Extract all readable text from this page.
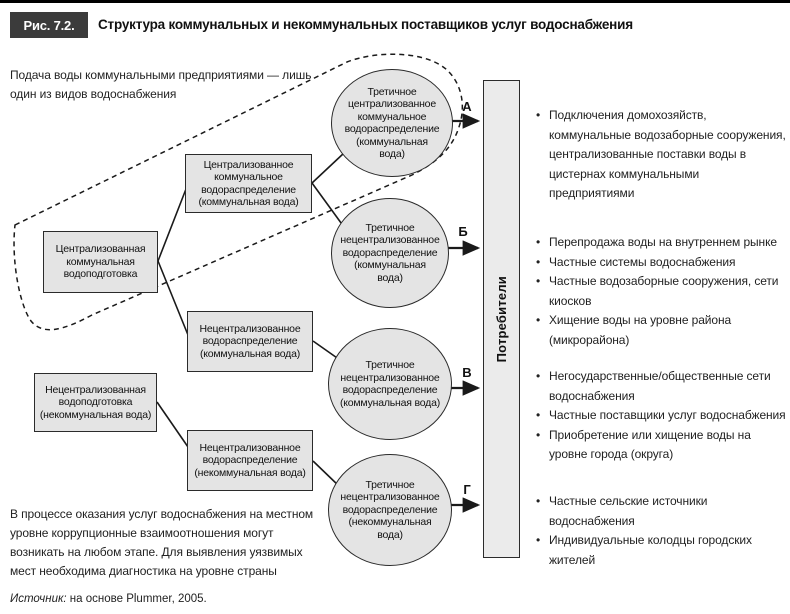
Рис. 7.2.	Структура коммунальных и некоммунальных поставщиков услуг водоснабжения
Подача воды коммунальными предприятиями — лишь один из видов водоснабжения
Централизованная коммунальная водоподготовка
Централизованное коммунальное водораспределение (коммунальная вода)
Нецентрализованное водораспределение (коммунальная вода)
Нецентрализованная водоподготовка (некоммунальная вода)
Нецентрализованное водораспределение (некоммунальная вода)
Третичное централизованное коммунальное водораспределение (коммунальная вода)
Третичное нецентрализованное водораспределение (коммунальная вода)
Третичное нецентрализованное водораспределение (коммунальная вода)
Третичное нецентрализованное водораспределение (некоммунальная вода)
Потребители
А
Б
В
Г
• Подключения домохозяйств, коммунальные водозаборные сооружения, централизованные поставки воды в цистернах коммунальными предприятиями
• Перепродажа воды на внутреннем рынке
• Частные системы водоснабжения
• Частные водозаборные сооружения, сети киосков
• Хищение воды на уровне района (микрорайона)
• Негосударственные/общественные сети водоснабжения
• Частные поставщики услуг водоснабжения
• Приобретение или хищение воды на уровне города (округа)
• Частные сельские источники водоснабжения
• Индивидуальные колодцы городских жителей
В процессе оказания услуг водоснабжения на местном уровне коррупционные взаимоотношения могут возникать на любом этапе. Для выявления уязвимых мест необходима диагностика на уровне страны
Источник: на основе Plummer, 2005.
